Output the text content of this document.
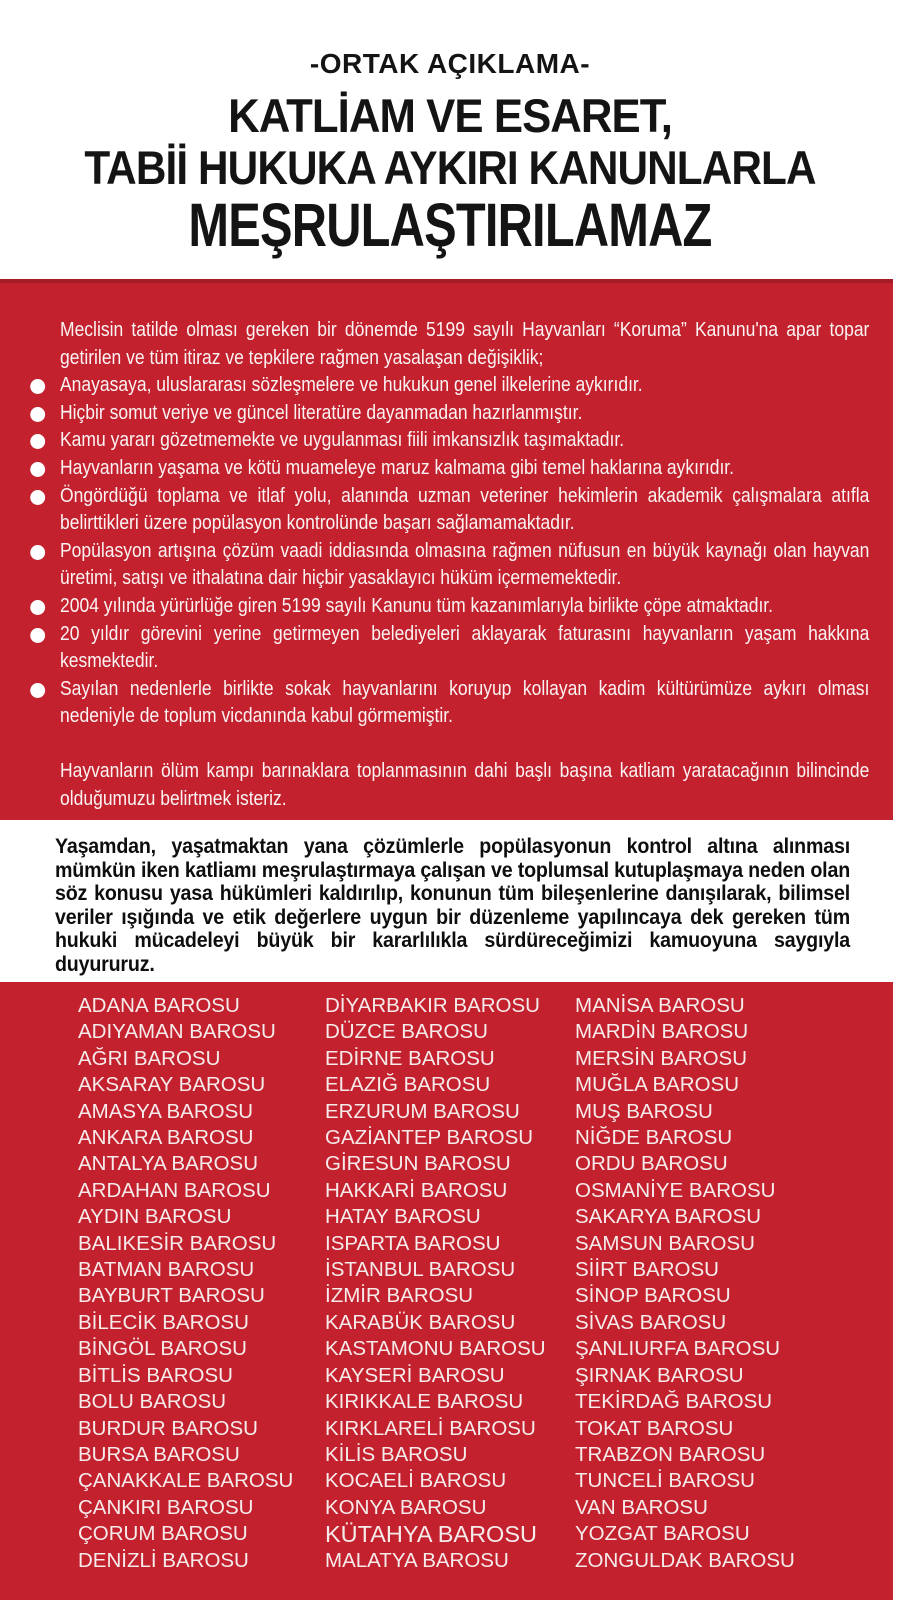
-ORTAK AÇIKLAMA-
KATLİAM VE ESARET,
TABİİ HUKUKA AYKIRI KANUNLARLA
MEŞRULAŞTIRILAMAZ

Meclisin tatilde olması gereken bir dönemde 5199 sayılı Hayvanları “Koruma” Kanunu'na apar topar getirilen ve tüm itiraz ve tepkilere rağmen yasalaşan değişiklik;

Anayasaya, uluslararası sözleşmelere ve hukukun genel ilkelerine aykırıdır.
Hiçbir somut veriye ve güncel literatüre dayanmadan hazırlanmıştır.
Kamu yararı gözetmemekte ve uygulanması fiili imkansızlık taşımaktadır.
Hayvanların yaşama ve kötü muameleye maruz kalmama gibi temel haklarına aykırıdır.
Öngördüğü toplama ve itlaf yolu, alanında uzman veteriner hekimlerin akademik çalışmalara atıfla belirttikleri üzere popülasyon kontrolünde başarı sağlamamaktadır.
Popülasyon artışına çözüm vaadi iddiasında olmasına rağmen nüfusun en büyük kaynağı olan hayvan üretimi, satışı ve ithalatına dair hiçbir yasaklayıcı hüküm içermemektedir.
2004 yılında yürürlüğe giren 5199 sayılı Kanunu tüm kazanımlarıyla birlikte çöpe atmaktadır.
20 yıldır görevini yerine getirmeyen belediyeleri aklayarak faturasını hayvanların yaşam hakkına kesmektedir.
Sayılan nedenlerle birlikte sokak hayvanlarını koruyup kollayan kadim kültürümüze aykırı olması nedeniyle de toplum vicdanında kabul görmemiştir.

Hayvanların ölüm kampı barınaklara toplanmasının dahi başlı başına katliam yaratacağının bilincinde olduğumuzu belirtmek isteriz.

Yaşamdan, yaşatmaktan yana çözümlerle popülasyonun kontrol altına alınması mümkün iken katliamı meşrulaştırmaya çalışan ve toplumsal kutuplaşmaya neden olan söz konusu yasa hükümleri kaldırılıp, konunun tüm bileşenlerine danışılarak, bilimsel veriler ışığında ve etik değerlere uygun bir düzenleme yapılıncaya dek gereken tüm hukuki mücadeleyi büyük bir kararlılıkla sürdüreceğimizi kamuoyuna saygıyla duyururuz.

ADANA BAROSU
ADIYAMAN BAROSU
AĞRI BAROSU
AKSARAY BAROSU
AMASYA BAROSU
ANKARA BAROSU
ANTALYA BAROSU
ARDAHAN BAROSU
AYDIN BAROSU
BALIKESİR BAROSU
BATMAN BAROSU
BAYBURT BAROSU
BİLECİK BAROSU
BİNGÖL BAROSU
BİTLİS BAROSU
BOLU BAROSU
BURDUR BAROSU
BURSA BAROSU
ÇANAKKALE BAROSU
ÇANKIRI BAROSU
ÇORUM BAROSU
DENİZLİ BAROSU
DİYARBAKIR BAROSU
DÜZCE BAROSU
EDİRNE BAROSU
ELAZIĞ BAROSU
ERZURUM BAROSU
GAZİANTEP BAROSU
GİRESUN BAROSU
HAKKARİ BAROSU
HATAY BAROSU
ISPARTA BAROSU
İSTANBUL BAROSU
İZMİR BAROSU
KARABÜK BAROSU
KASTAMONU BAROSU
KAYSERİ BAROSU
KIRIKKALE BAROSU
KIRKLARELİ BAROSU
KİLİS BAROSU
KOCAELİ BAROSU
KONYA BAROSU
KÜTAHYA BAROSU
MALATYA BAROSU
MANİSA BAROSU
MARDİN BAROSU
MERSİN BAROSU
MUĞLA BAROSU
MUŞ BAROSU
NİĞDE BAROSU
ORDU BAROSU
OSMANİYE BAROSU
SAKARYA BAROSU
SAMSUN BAROSU
SİİRT BAROSU
SİNOP BAROSU
SİVAS BAROSU
ŞANLIURFA BAROSU
ŞIRNAK BAROSU
TEKİRDAĞ BAROSU
TOKAT BAROSU
TRABZON BAROSU
TUNCELİ BAROSU
VAN BAROSU
YOZGAT BAROSU
ZONGULDAK BAROSU
